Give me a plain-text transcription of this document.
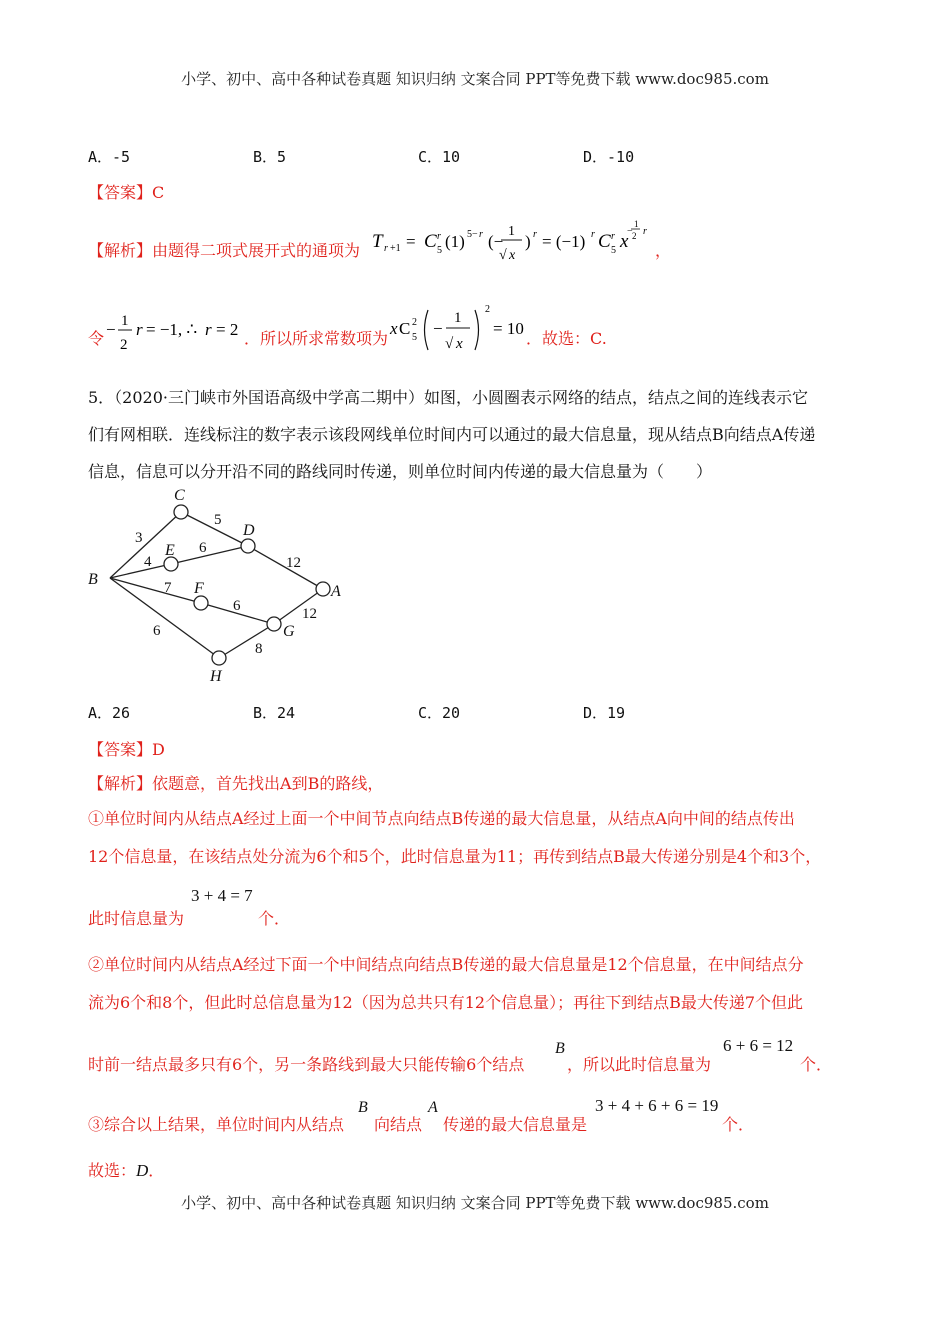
小学、初中、高中各种试卷真题 知识归纳 文案合同 PPT等免费下载 www.doc985.com
A．-5	B．5	C．10	D．-10
【答案】C
【解析】由题得二项式展开式的通项为 T r +1 = C r
5 (1) 5− r (−
1
√ x
) r = (−1) r C r
5 x
1
2
− r
，
令 − 1
2
r = −1, ∴ r = 2 ．所以所求常数项为
x C 2
5 −
1
√ x
2
= 10
．故选：C.
5．（2020·三门峡市外国语高级中学高二期中）如图，小圆圈表示网络的结点，结点之间的连线表示它
们有网相联．连线标注的数字表示该段网线单位时间内可以通过的最大信息量，现从结点B向结点A传递
信息，信息可以分开沿不同的路线同时传递，则单位时间内传递的最大信息量为（　　）
C
D
E
F
G
H
B
A
3
5
4
6
12
7
6	12
6
8
A．26	B．24	C．20	D．19
【答案】D
【解析】依题意，首先找出A到B的路线，
①单位时间内从结点A经过上面一个中间节点向结点B传递的最大信息量，从结点A向中间的结点传出
12个信息量，在该结点处分流为6个和5个，此时信息量为11；再传到结点B最大传递分别是4个和3个，
此时信息量为
3 + 4 = 7
个．
②单位时间内从结点A经过下面一个中间结点向结点B传递的最大信息量是12个信息量，在中间结点分
流为6个和8个，但此时总信息量为12（因为总共只有12个信息量）；再往下到结点B最大传递7个但此
时前一结点最多只有6个，另一条路线到最大只能传输6个结点
B
，所以此时信息量为
6 + 6 = 12
个．
③综合以上结果，单位时间内从结点
B
向结点
A
传递的最大信息量是
3 + 4 + 6 + 6 = 19
个．
故选：D．
小学、初中、高中各种试卷真题 知识归纳 文案合同 PPT等免费下载 www.doc985.com
